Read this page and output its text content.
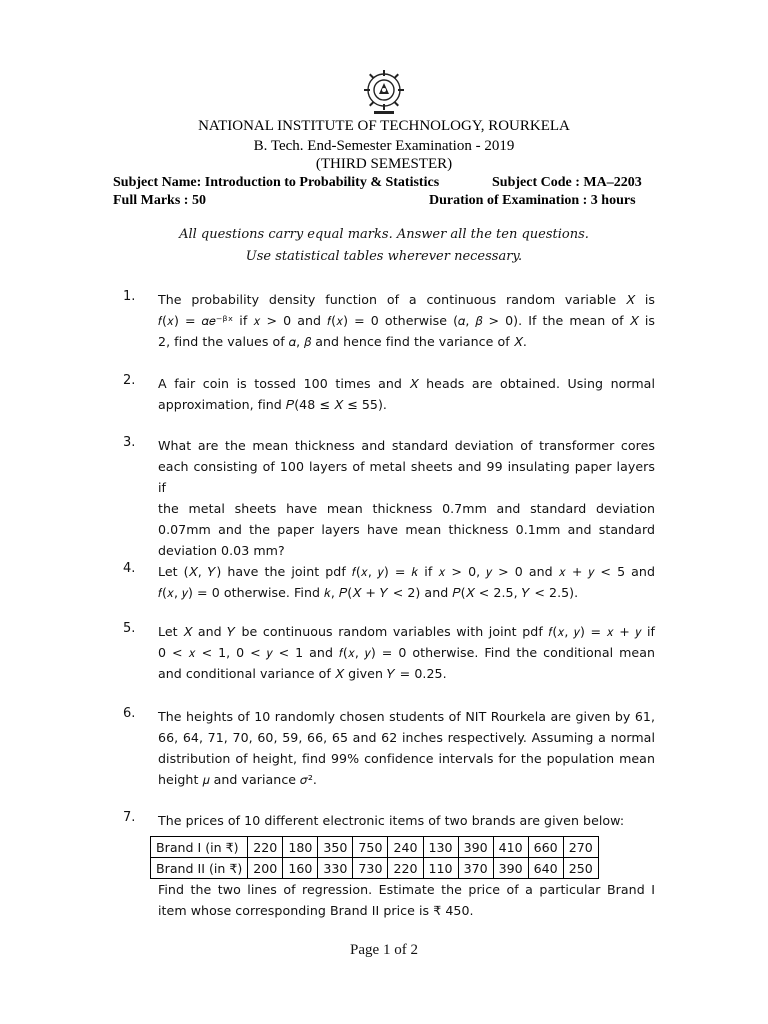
NATIONAL INSTITUTE OF TECHNOLOGY, ROURKELA
B. Tech. End-Semester Examination - 2019
(THIRD SEMESTER)
Subject Name: Introduction to Probability & Statistics	Subject Code : MA–2203
Full Marks : 50	Duration of Examination : 3 hours
All questions carry equal marks. Answer all the ten questions.
Use statistical tables wherever necessary.
1. The probability density function of a continuous random variable 𝑋 is
𝑓(𝑥) = 𝛼𝑒⁻ᵝˣ if 𝑥 > 0 and 𝑓(𝑥) = 0 otherwise (𝛼, 𝛽 > 0). If the mean of 𝑋 is
2, find the values of 𝛼, 𝛽 and hence find the variance of 𝑋.
2. A fair coin is tossed 100 times and 𝑋 heads are obtained. Using normal
approximation, find 𝑃(48 ≤ 𝑋 ≤ 55).
3. What are the mean thickness and standard deviation of transformer cores
each consisting of 100 layers of metal sheets and 99 insulating paper layers if
the metal sheets have mean thickness 0.7mm and standard deviation
0.07mm and the paper layers have mean thickness 0.1mm and standard
deviation 0.03 mm?
4. Let (𝑋, 𝑌) have the joint pdf 𝑓(𝑥, 𝑦) = 𝑘 if 𝑥 > 0, 𝑦 > 0 and 𝑥 + 𝑦 < 5 and
𝑓(𝑥, 𝑦) = 0 otherwise. Find 𝑘, 𝑃(𝑋 + 𝑌 < 2) and 𝑃(𝑋 < 2.5, 𝑌 < 2.5).
5. Let 𝑋 and 𝑌 be continuous random variables with joint pdf 𝑓(𝑥, 𝑦) = 𝑥 + 𝑦 if
0 < 𝑥 < 1, 0 < 𝑦 < 1 and 𝑓(𝑥, 𝑦) = 0 otherwise. Find the conditional mean
and conditional variance of 𝑋 given 𝑌 = 0.25.
6. The heights of 10 randomly chosen students of NIT Rourkela are given by 61,
66, 64, 71, 70, 60, 59, 66, 65 and 62 inches respectively. Assuming a normal
distribution of height, find 99% confidence intervals for the population mean
height 𝜇 and variance 𝜎².
7. The prices of 10 different electronic items of two brands are given below:
Brand I (in ₹)	220	180	350	750	240	130	390	410	660	270
Brand II (in ₹)	200	160	330	730	220	110	370	390	640	250
Find the two lines of regression. Estimate the price of a particular Brand I
item whose corresponding Brand II price is ₹ 450.
Page 1 of 2
